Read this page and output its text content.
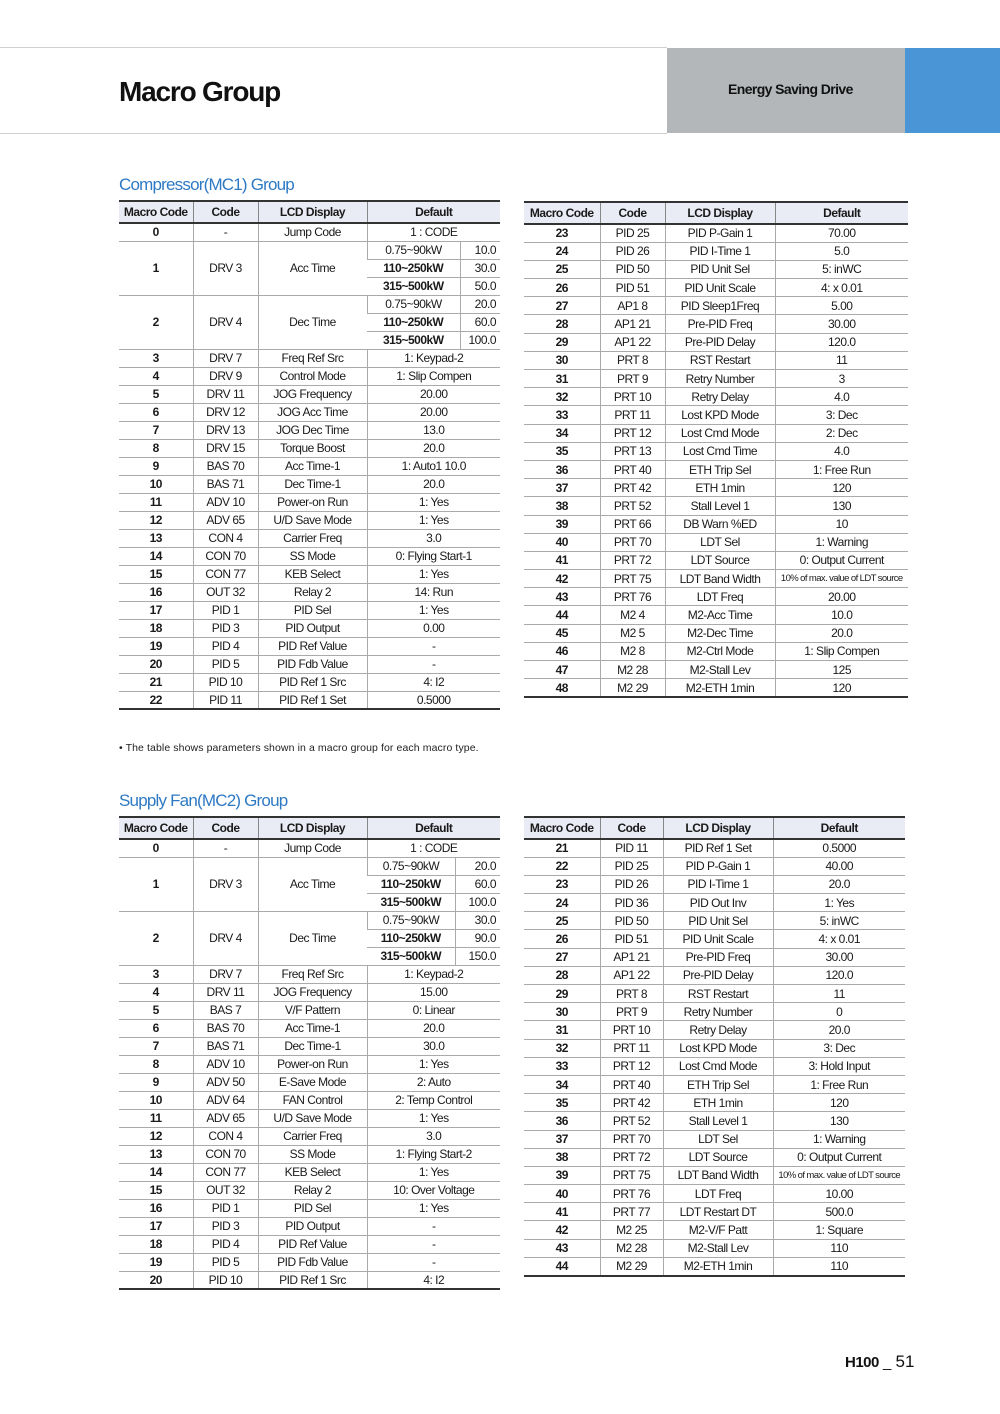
Macro Group	Energy Saving Drive
Compressor(MC1) Group
Macro Code	Code	LCD Display	Default	
0	-	Jump Code	1 : CODE	
1	DRV 3	Acc Time	0.75~90kW	10.0
			110~250kW	30.0
			315~500kW	50.0
2	DRV 4	Dec Time	0.75~90kW	20.0
			110~250kW	60.0
			315~500kW	100.0
3	DRV 7	Freq Ref Src	1: Keypad-2	
4	DRV 9	Control Mode	1: Slip Compen	
5	DRV 11	JOG Frequency	20.00	
6	DRV 12	JOG Acc Time	20.00	
7	DRV 13	JOG Dec Time	13.0	
8	DRV 15	Torque Boost	20.0	
9	BAS 70	Acc Time-1	1: Auto1 10.0	
10	BAS 71	Dec Time-1	20.0	
11	ADV 10	Power-on Run	1: Yes	
12	ADV 65	U/D Save Mode	1: Yes	
13	CON 4	Carrier Freq	3.0	
14	CON 70	SS Mode	0: Flying Start-1	
15	CON 77	KEB Select	1: Yes	
16	OUT 32	Relay 2	14: Run	
17	PID 1	PID Sel	1: Yes	
18	PID 3	PID Output	0.00	
19	PID 4	PID Ref Value	-	
20	PID 5	PID Fdb Value	-	
21	PID 10	PID Ref 1 Src	4: I2	
22	PID 11	PID Ref 1 Set	0.5000	
Macro Code	Code	LCD Display	Default
23	PID 25	PID P-Gain 1	70.00
24	PID 26	PID I-Time 1	5.0
25	PID 50	PID Unit Sel	5: inWC
26	PID 51	PID Unit Scale	4: x 0.01
27	AP1 8	PID Sleep1Freq	5.00
28	AP1 21	Pre-PID Freq	30.00
29	AP1 22	Pre-PID Delay	120.0
30	PRT 8	RST Restart	11
31	PRT 9	Retry Number	3
32	PRT 10	Retry Delay	4.0
33	PRT 11	Lost KPD Mode	3: Dec
34	PRT 12	Lost Cmd Mode	2: Dec
35	PRT 13	Lost Cmd Time	4.0
36	PRT 40	ETH Trip Sel	1: Free Run
37	PRT 42	ETH 1min	120
38	PRT 52	Stall Level 1	130
39	PRT 66	DB Warn %ED	10
40	PRT 70	LDT Sel	1: Warning
41	PRT 72	LDT Source	0: Output Current
42	PRT 75	LDT Band Width	10% of max. value of LDT source
43	PRT 76	LDT Freq	20.00
44	M2 4	M2-Acc Time	10.0
45	M2 5	M2-Dec Time	20.0
46	M2 8	M2-Ctrl Mode	1: Slip Compen
47	M2 28	M2-Stall Lev	125
48	M2 29	M2-ETH 1min	120
• The table shows parameters shown in a macro group for each macro type.
Supply Fan(MC2) Group
Macro Code	Code	LCD Display	Default	
0	-	Jump Code	1 : CODE	
1	DRV 3	Acc Time	0.75~90kW	20.0
			110~250kW	60.0
			315~500kW	100.0
2	DRV 4	Dec Time	0.75~90kW	30.0
			110~250kW	90.0
			315~500kW	150.0
3	DRV 7	Freq Ref Src	1: Keypad-2	
4	DRV 11	JOG Frequency	15.00	
5	BAS 7	V/F Pattern	0: Linear	
6	BAS 70	Acc Time-1	20.0	
7	BAS 71	Dec Time-1	30.0	
8	ADV 10	Power-on Run	1: Yes	
9	ADV 50	E-Save Mode	2: Auto	
10	ADV 64	FAN Control	2: Temp Control	
11	ADV 65	U/D Save Mode	1: Yes	
12	CON 4	Carrier Freq	3.0	
13	CON 70	SS Mode	1: Flying Start-2	
14	CON 77	KEB Select	1: Yes	
15	OUT 32	Relay 2	10: Over Voltage	
16	PID 1	PID Sel	1: Yes	
17	PID 3	PID Output	-	
18	PID 4	PID Ref Value	-	
19	PID 5	PID Fdb Value	-	
20	PID 10	PID Ref 1 Src	4: I2	
Macro Code	Code	LCD Display	Default
21	PID 11	PID Ref 1 Set	0.5000
22	PID 25	PID P-Gain 1	40.00
23	PID 26	PID I-Time 1	20.0
24	PID 36	PID Out Inv	1: Yes
25	PID 50	PID Unit Sel	5: inWC
26	PID 51	PID Unit Scale	4: x 0.01
27	AP1 21	Pre-PID Freq	30.00
28	AP1 22	Pre-PID Delay	120.0
29	PRT 8	RST Restart	11
30	PRT 9	Retry Number	0
31	PRT 10	Retry Delay	20.0
32	PRT 11	Lost KPD Mode	3: Dec
33	PRT 12	Lost Cmd Mode	3: Hold Input
34	PRT 40	ETH Trip Sel	1: Free Run
35	PRT 42	ETH 1min	120
36	PRT 52	Stall Level 1	130
37	PRT 70	LDT Sel	1: Warning
38	PRT 72	LDT Source	0: Output Current
39	PRT 75	LDT Band Width	10% of max. value of LDT source
40	PRT 76	LDT Freq	10.00
41	PRT 77	LDT Restart DT	500.0
42	M2 25	M2-V/F Patt	1: Square
43	M2 28	M2-Stall Lev	110
44	M2 29	M2-ETH 1min	110
H100 _ 51
